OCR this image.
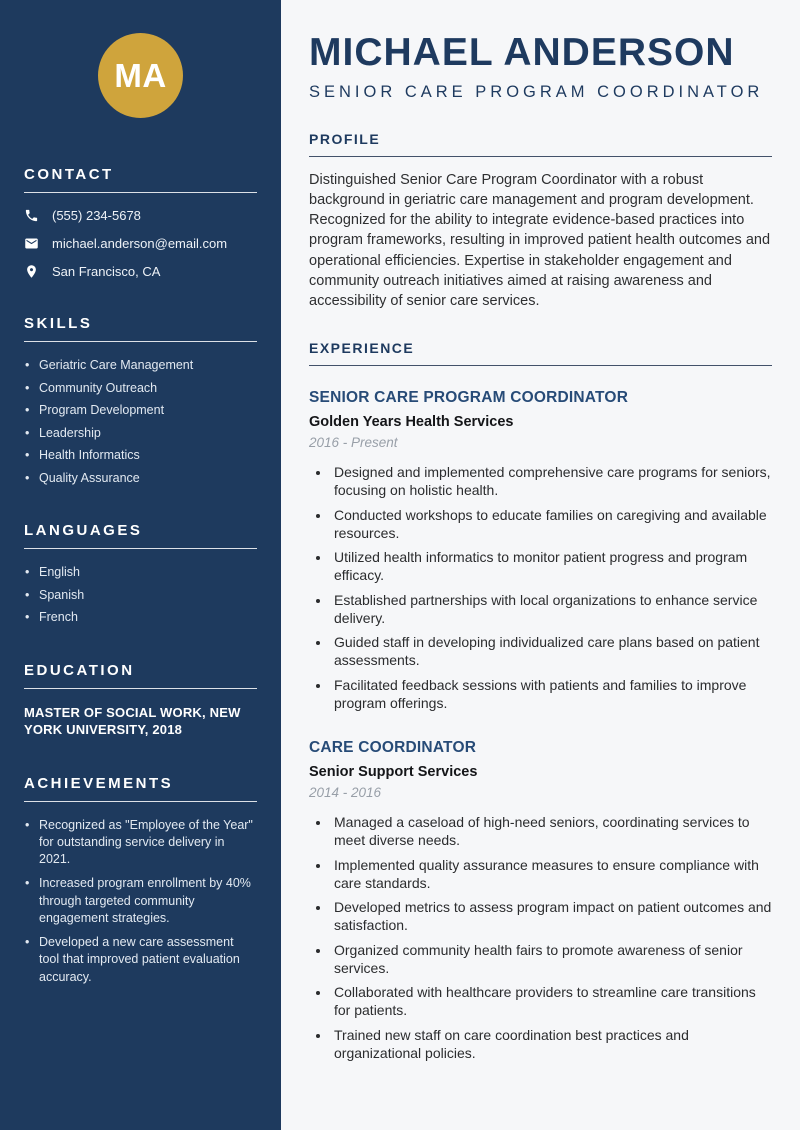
MA
CONTACT
(555) 234-5678
michael.anderson@email.com
San Francisco, CA
SKILLS
• Geriatric Care Management
• Community Outreach
• Program Development
• Leadership
• Health Informatics
• Quality Assurance
LANGUAGES
• English
• Spanish
• French
EDUCATION

MASTER OF SOCIAL WORK, NEW YORK UNIVERSITY, 2018

ACHIEVEMENTS
• Recognized as "Employee of the Year" for outstanding service delivery in 2021.
• Increased program enrollment by 40% through targeted community engagement strategies.
• Developed a new care assessment tool that improved patient evaluation accuracy.
MICHAEL ANDERSON
SENIOR CARE PROGRAM COORDINATOR
PROFILE

Distinguished Senior Care Program Coordinator with a robust background in geriatric care management and program development. Recognized for the ability to integrate evidence-based practices into program frameworks, resulting in improved patient health outcomes and operational efficiencies. Expertise in stakeholder engagement and community outreach initiatives aimed at raising awareness and accessibility of senior care services.

EXPERIENCE
SENIOR CARE PROGRAM COORDINATOR
Golden Years Health Services
2016 - Present
• Designed and implemented comprehensive care programs for seniors, focusing on holistic health.
• Conducted workshops to educate families on caregiving and available resources.
• Utilized health informatics to monitor patient progress and program efficacy.
• Established partnerships with local organizations to enhance service delivery.
• Guided staff in developing individualized care plans based on patient assessments.
• Facilitated feedback sessions with patients and families to improve program offerings.
CARE COORDINATOR
Senior Support Services
2014 - 2016
• Managed a caseload of high-need seniors, coordinating services to meet diverse needs.
• Implemented quality assurance measures to ensure compliance with care standards.
• Developed metrics to assess program impact on patient outcomes and satisfaction.
• Organized community health fairs to promote awareness of senior services.
• Collaborated with healthcare providers to streamline care transitions for patients.
• Trained new staff on care coordination best practices and organizational policies.
